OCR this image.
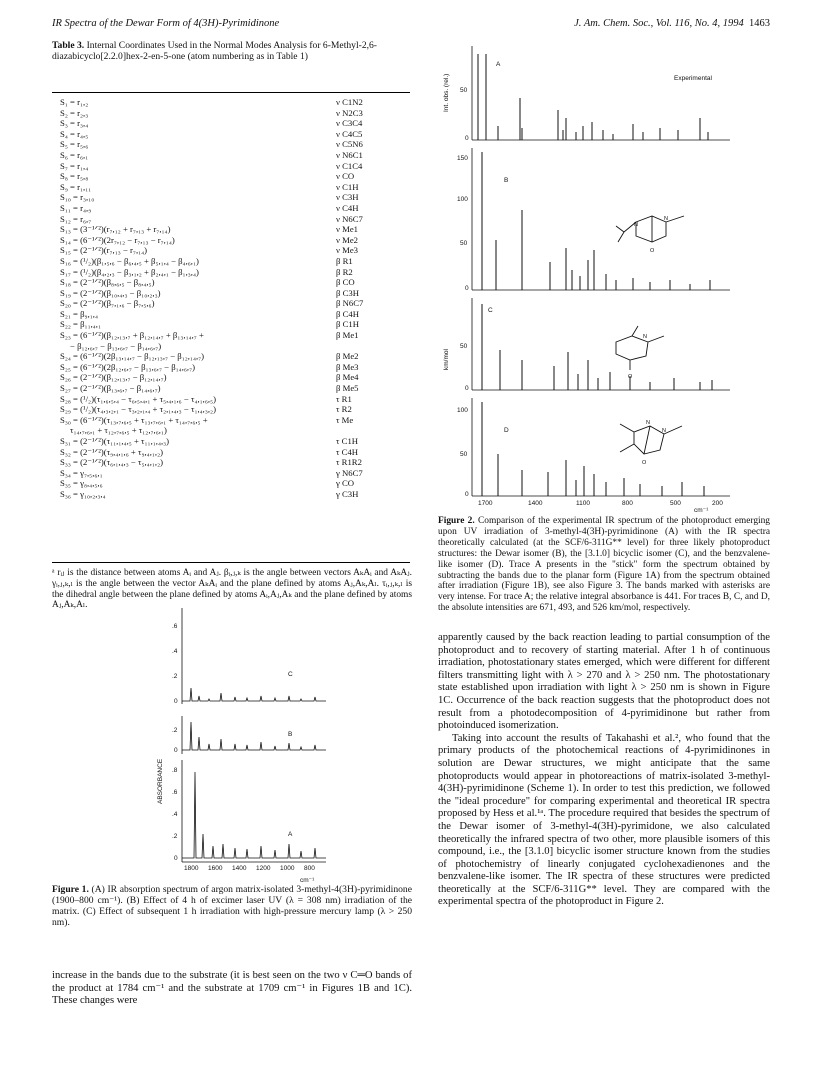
IR Spectra of the Dewar Form of 4(3H)-Pyrimidinone	J. Am. Chem. Soc., Vol. 116, No. 4, 1994 1463
Table 3. Internal Coordinates Used in the Normal Modes Analysis for 6-Methyl-2,6-diazabicyclo[2.2.0]hex-2-en-5-one (atom numbering as in Table 1)
S₁ = r₁,₂	ν C1N2
S₂ = r₂,₃	ν N2C3
S₃ = r₃,₄	ν C3C4
S₄ = r₄,₅	ν C4C5
S₅ = r₅,₆	ν C5N6
S₆ = r₆,₁	ν N6C1
S₇ = r₁,₄	ν C1C4
S₈ = r₅,₈	ν CO
S₉ = r₁,₁₁	ν C1H
S₁₀ = r₃,₁₀	ν C3H
S₁₁ = r₄,₉	ν C4H
S₁₂ = r₆,₇	ν N6C7
S₁₃ = (3⁻¹ᐟ²)(r₇,₁₂ + r₇,₁₃ + r₇,₁₄)	ν Me1
S₁₄ = (6⁻¹ᐟ²)(2r₇,₁₂ − r₇,₁₃ − r₇,₁₄)	ν Me2
S₁₅ = (2⁻¹ᐟ²)(r₇,₁₃ − r₇,₁₄)	ν Me3
S₁₆ = (¹/₂)(β₁,₅,₆ − β₆,₄,₅ + β₅,₁,₄ − β₄,₆,₁)	β R1
S₁₇ = (¹/₂)(β₄,₂,₃ − β₃,₁,₂ + β₂,₄,₁ − β₁,₃,₄)	β R2
S₁₈ = (2⁻¹ᐟ²)(β₈,₆,₅ − β₈,₄,₅)	β CO
S₁₉ = (2⁻¹ᐟ²)(β₁₀,₄,₃ − β₁₀,₂,₃)	β C3H
S₂₀ = (2⁻¹ᐟ²)(β₇,₁,₆ − β₇,₅,₆)	β N6C7
S₂₁ = β₉,₁,₄	β C4H
S₂₂ = β₁₁,₄,₁	β C1H
S₂₃ = (6⁻¹ᐟ²)(β₁₂,₁₃,₇ + β₁₂,₁₄,₇ + β₁₃,₁₄,₇ +	β Me1
− β₁₂,₆,₇ − β₁₃,₆,₇ − β₁₄,₆,₇)
S₂₄ = (6⁻¹ᐟ²)(2β₁₃,₁₄,₇ − β₁₂,₁₃,₇ − β₁₂,₁₄,₇)	β Me2
S₂₅ = (6⁻¹ᐟ²)(2β₁₂,₆,₇ − β₁₃,₆,₇ − β₁₄,₆,₇)	β Me3
S₂₆ = (2⁻¹ᐟ²)(β₁₂,₁₃,₇ − β₁₂,₁₄,₇)	β Me4
S₂₇ = (2⁻¹ᐟ²)(β₁₃,₆,₇ − β₁₄,₆,₇)	β Me5
S₂₈ = (¹/₂)(τ₁,₆,₅,₄ − τ₆,₅,₄,₁ + τ₅,₄,₁,₆ − τ₄,₁,₆,₅)	τ R1
S₂₉ = (¹/₂)(τ₄,₃,₂,₁ − τ₃,₂,₁,₄ + τ₂,₁,₄,₃ − τ₁,₄,₃,₂)	τ R2
S₃₀ = (6⁻¹ᐟ²)(τ₁₃,₇,₆,₅ + τ₁₃,₇,₆,₁ + τ₁₄,₇,₆,₅ +	τ Me
τ₁₄,₇,₆,₁ + τ₁₂,₇,₆,₅ + τ₁₂,₇,₆,₁)
S₃₁ = (2⁻¹ᐟ²)(τ₁₁,₁,₄,₅ + τ₁₁,₁,₄,₃)	τ C1H
S₃₂ = (2⁻¹ᐟ²)(τ₉,₄,₁,₆ + τ₉,₄,₁,₂)	τ C4H
S₃₃ = (2⁻¹ᐟ²)(τ₆,₁,₄,₃ − τ₅,₄,₁,₂)	τ R1R2
S₃₄ = γ₇,₅,₆,₁	γ N6C7
S₃₅ = γ₈,₄,₅,₆	γ CO
S₃₆ = γ₁₀,₂,₃,₄	γ C3H
ᵃ rᵢⱼ is the distance between atoms Aᵢ and Aⱼ. βᵢ,ⱼ,ₖ is the angle between vectors AₖAᵢ and AₖAⱼ. γᵢ,ⱼ,ₖ,ₗ is the angle between the vector AₖAᵢ and the plane defined by atoms Aⱼ,Aₖ,Aₗ. τᵢ,ⱼ,ₖ,ₗ is the dihedral angle between the plane defined by atoms Aᵢ,Aⱼ,Aₖ and the plane defined by atoms Aⱼ,Aₖ,Aₗ.
.6
.4
.2
0
C
.2
0
B
.8
.6
.4
.2
0
A
1800 1600 1400 1200 1000 800
cm⁻¹
ABSORBANCE
Figure 1. (A) IR absorption spectrum of argon matrix-isolated 3-methyl-4(3H)-pyrimidinone (1900–800 cm⁻¹). (B) Effect of 4 h of excimer laser UV (λ = 308 nm) irradiation of the matrix. (C) Effect of subsequent 1 h irradiation with high-pressure mercury lamp (λ > 250 nm).

increase in the bands due to the substrate (it is best seen on the two ν C═O bands of the product at 1784 cm⁻¹ and the substrate at 1709 cm⁻¹ in Figures 1B and 1C). These changes were

50
0
A
Experimental
Int. obs. (rel.)
150
100
50
0
B
N
N
O
50
0
C
km/mol
N
O
100
50
0
D
N
N
O
1700	1400	1100	800	500	200
cm⁻¹
Figure 2. Comparison of the experimental IR spectrum of the photoproduct emerging upon UV irradiation of 3-methyl-4(3H)-pyrimidinone (A) with the IR spectra theoretically calculated (at the SCF/6-311G** level) for three likely photoproduct structures: the Dewar isomer (B), the [3.1.0] bicyclic isomer (C), and the benzvalene-like isomer (D). Trace A presents in the "stick" form the spectrum obtained by subtracting the bands due to the planar form (Figure 1A) from the spectrum obtained after irradiation (Figure 1B), see also Figure 3. The bands marked with asterisks are very intense. For trace A; the relative integral absorbance is 441. For traces B, C, and D, the absolute intensities are 671, 493, and 526 km/mol, respectively.

apparently caused by the back reaction leading to partial consumption of the photoproduct and to recovery of starting material. After 1 h of continuous irradiation, photostationary states emerged, which were different for different filters transmitting light with λ > 270 and λ > 250 nm. The photostationary state established upon irradiation with light λ > 250 nm is shown in Figure 1C. Occurrence of the back reaction suggests that the photoproduct does not result from a photodecomposition of 4-pyrimidinone but rather from photoinduced isomerization.

Taking into account the results of Takahashi et al.², who found that the primary products of the photochemical reactions of 4-pyrimidinones in solution are Dewar structures, we might anticipate that the same photoproducts would appear in photoreactions of matrix-isolated 3-methyl-4(3H)-pyrimidinone (Scheme 1). In order to test this prediction, we followed the "ideal procedure" for comparing experimental and theoretical IR spectra proposed by Hess et al.¹ᵃ. The procedure required that besides the spectrum of the Dewar isomer of 3-methyl-4(3H)-pyrimidone, we also calculated theoretically the infrared spectra of two other, more plausible isomers of this compound, i.e., the [3.1.0] bicyclic isomer structure known from the studies of photochemistry of linearly conjugated cyclohexadienones and the benzvalene-like isomer. The IR spectra of these structures were predicted theoretically at the SCF/6-311G** level. They are compared with the experimental spectra of the photoproduct in Figure 2.
